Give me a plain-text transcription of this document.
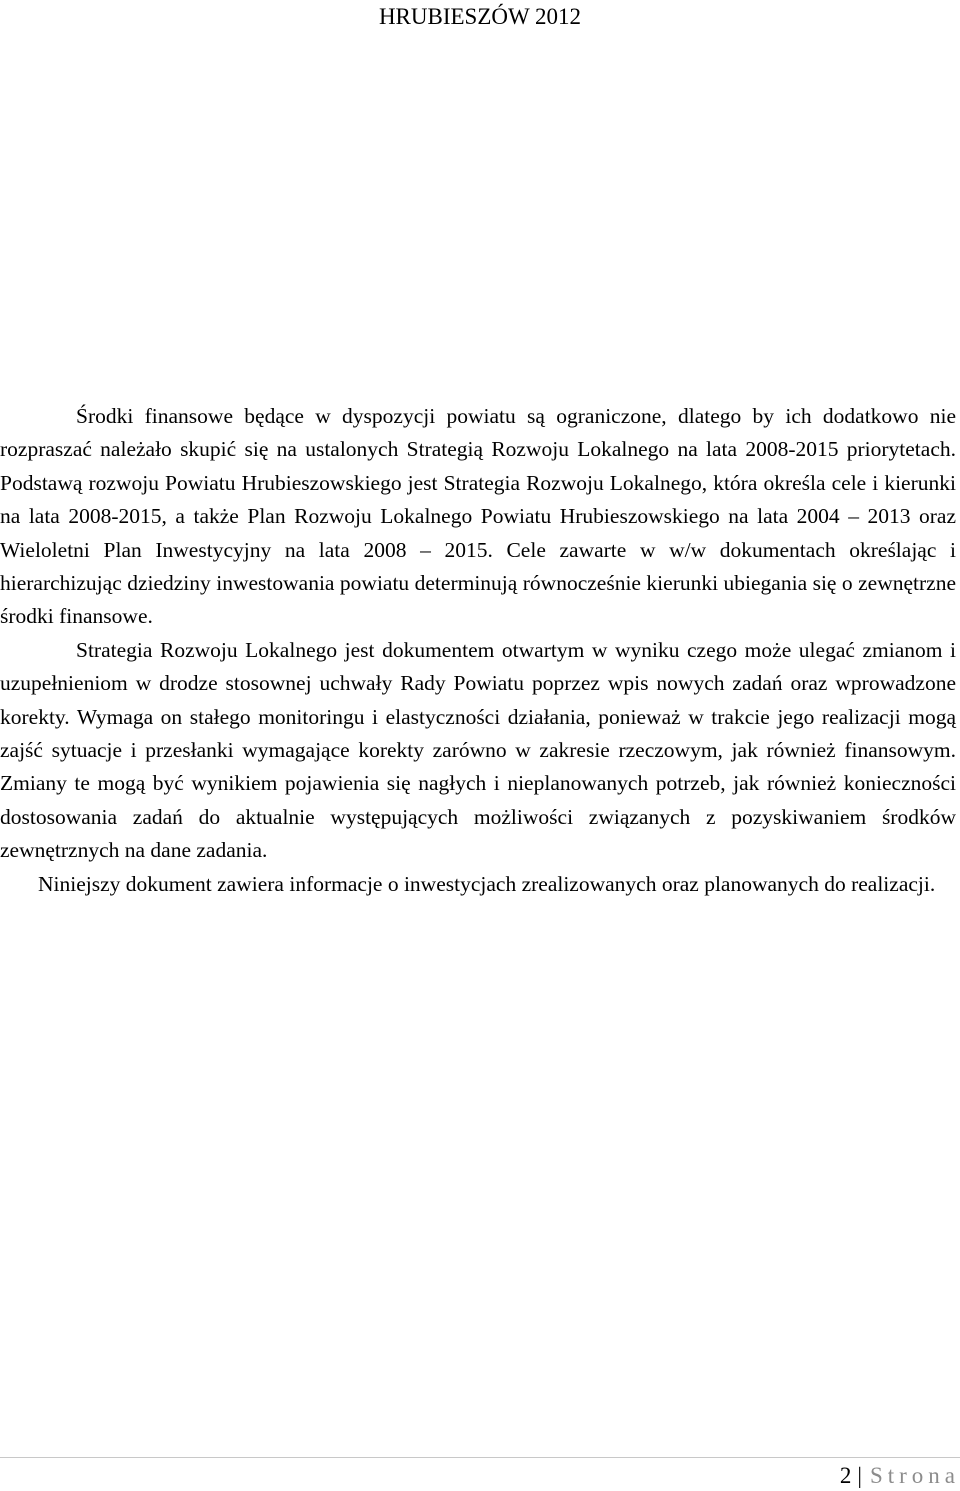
HRUBIESZÓW 2012

Środki finansowe będące w dyspozycji powiatu są ograniczone, dlatego by ich dodatkowo nie rozpraszać należało skupić się na ustalonych Strategią Rozwoju Lokalnego na lata 2008-2015 priorytetach. Podstawą rozwoju Powiatu Hrubieszowskiego jest Strategia Rozwoju Lokalnego, która określa cele i kierunki na lata 2008-2015, a także Plan Rozwoju Lokalnego Powiatu Hrubieszowskiego na lata 2004 – 2013 oraz Wieloletni Plan Inwestycyjny na lata 2008 – 2015. Cele zawarte w w/w dokumentach określając i hierarchizując dziedziny inwestowania powiatu determinują równocześnie kierunki ubiegania się o zewnętrzne środki finansowe.

Strategia Rozwoju Lokalnego jest dokumentem otwartym w wyniku czego może ulegać zmianom i uzupełnieniom w drodze stosownej uchwały Rady Powiatu poprzez wpis nowych zadań oraz wprowadzone korekty. Wymaga on stałego monitoringu i elastyczności działania, ponieważ w trakcie jego realizacji mogą zajść sytuacje i przesłanki wymagające korekty zarówno w zakresie rzeczowym, jak również finansowym. Zmiany te mogą być wynikiem pojawienia się nagłych i nieplanowanych potrzeb, jak również konieczności dostosowania zadań do aktualnie występujących możliwości związanych z pozyskiwaniem środków zewnętrznych na dane zadania.

Niniejszy dokument zawiera informacje o inwestycjach zrealizowanych oraz planowanych do realizacji.

2 | Strona
